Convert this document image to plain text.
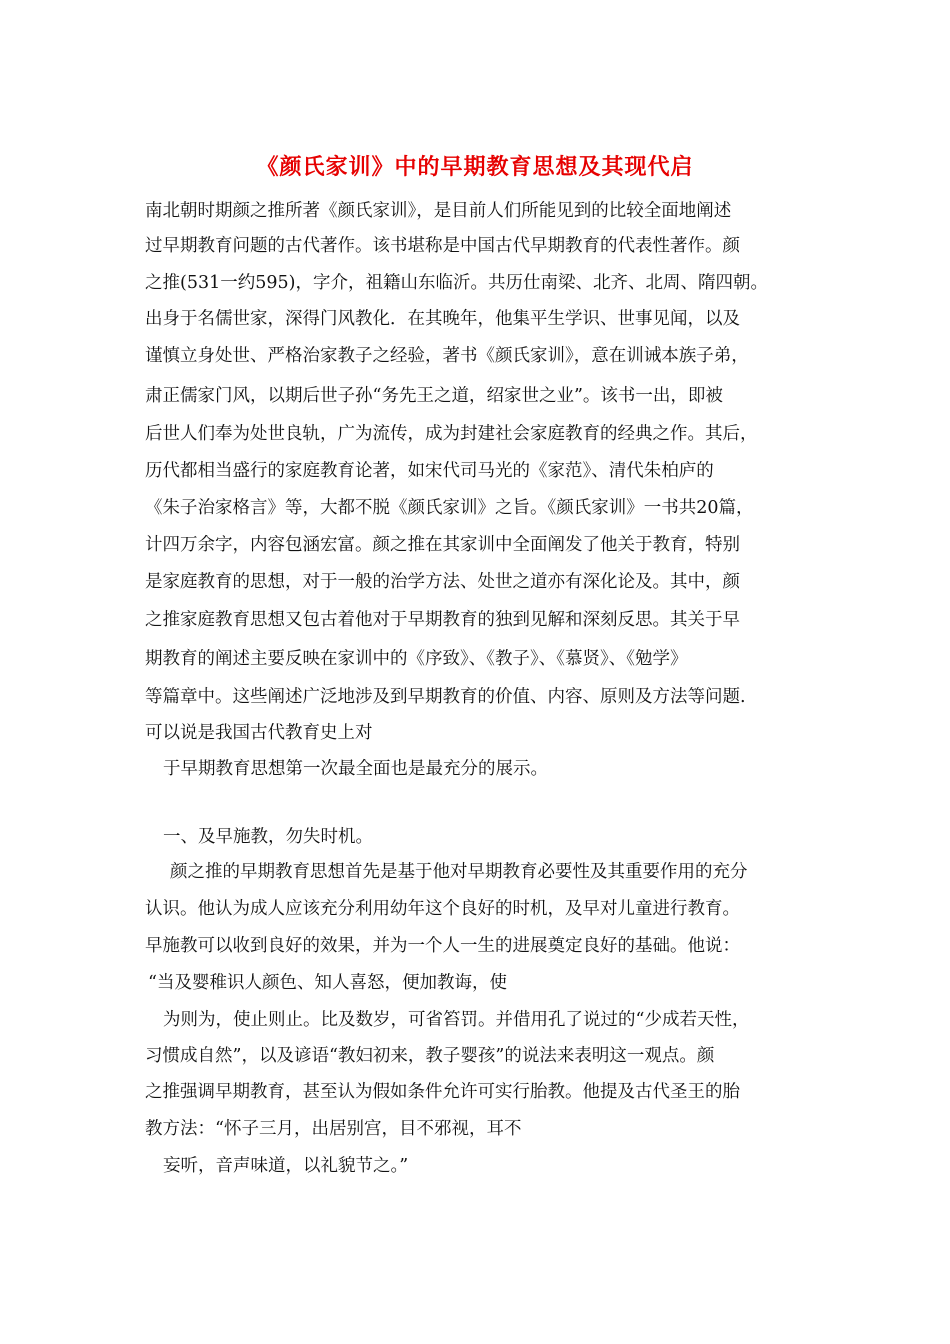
《颜氏家训》中的早期教育思想及其现代启
南北朝时期颜之推所著《颜氏家训》，是目前人们所能见到的比较全面地阐述
过早期教育问题的古代著作。该书堪称是中国古代早期教育的代表性著作。颜
之推(531一约595)，字介，祖籍山东临沂。共历仕南梁、北齐、北周、隋四朝。
出身于名儒世家，深得门风教化．在其晚年，他集平生学识、世事见闻，以及
谨慎立身处世、严格治家教子之经验，著书《颜氏家训》，意在训诫本族子弟，
肃正儒家门风，以期后世子孙“务先王之道，绍家世之业”。该书一出，即被
后世人们奉为处世良轨，广为流传，成为封建社会家庭教育的经典之作。其后，
历代都相当盛行的家庭教育论著，如宋代司马光的《家范》、清代朱柏庐的
《朱子治家格言》等，大都不脱《颜氏家训》之旨。《颜氏家训》一书共20篇，
计四万余字，内容包涵宏富。颜之推在其家训中全面阐发了他关于教育，特别
是家庭教育的思想，对于一般的治学方法、处世之道亦有深化论及。其中，颜
之推家庭教育思想又包古着他对于早期教育的独到见解和深刻反思。其关于早
期教育的阐述主要反映在家训中的《序致》、《教子》、《慕贤》、《勉学》
等篇章中。这些阐述广泛地涉及到早期教育的价值、内容、原则及方法等问题.
可以说是我国古代教育史上对
于早期教育思想第一次最全面也是最充分的展示。
一、及早施教，勿失时机。
颜之推的早期教育思想首先是基于他对早期教育必要性及其重要作用的充分
认识。他认为成人应该充分利用幼年这个良好的时机，及早对儿童进行教育。
早施教可以收到良好的效果，并为一个人一生的进展奠定良好的基础。他说：
“当及婴稚识人颜色、知人喜怒，便加教诲，使
为则为，使止则止。比及数岁，可省笞罚。并借用孔了说过的“少成若天性，
习惯成自然”，以及谚语“教妇初来，教子婴孩”的说法来表明这一观点。颜
之推强调早期教育，甚至认为假如条件允许可实行胎教。他提及古代圣王的胎
教方法：“怀子三月，出居别宫，目不邪视，耳不
妄听，音声味道，以礼貌节之。”
